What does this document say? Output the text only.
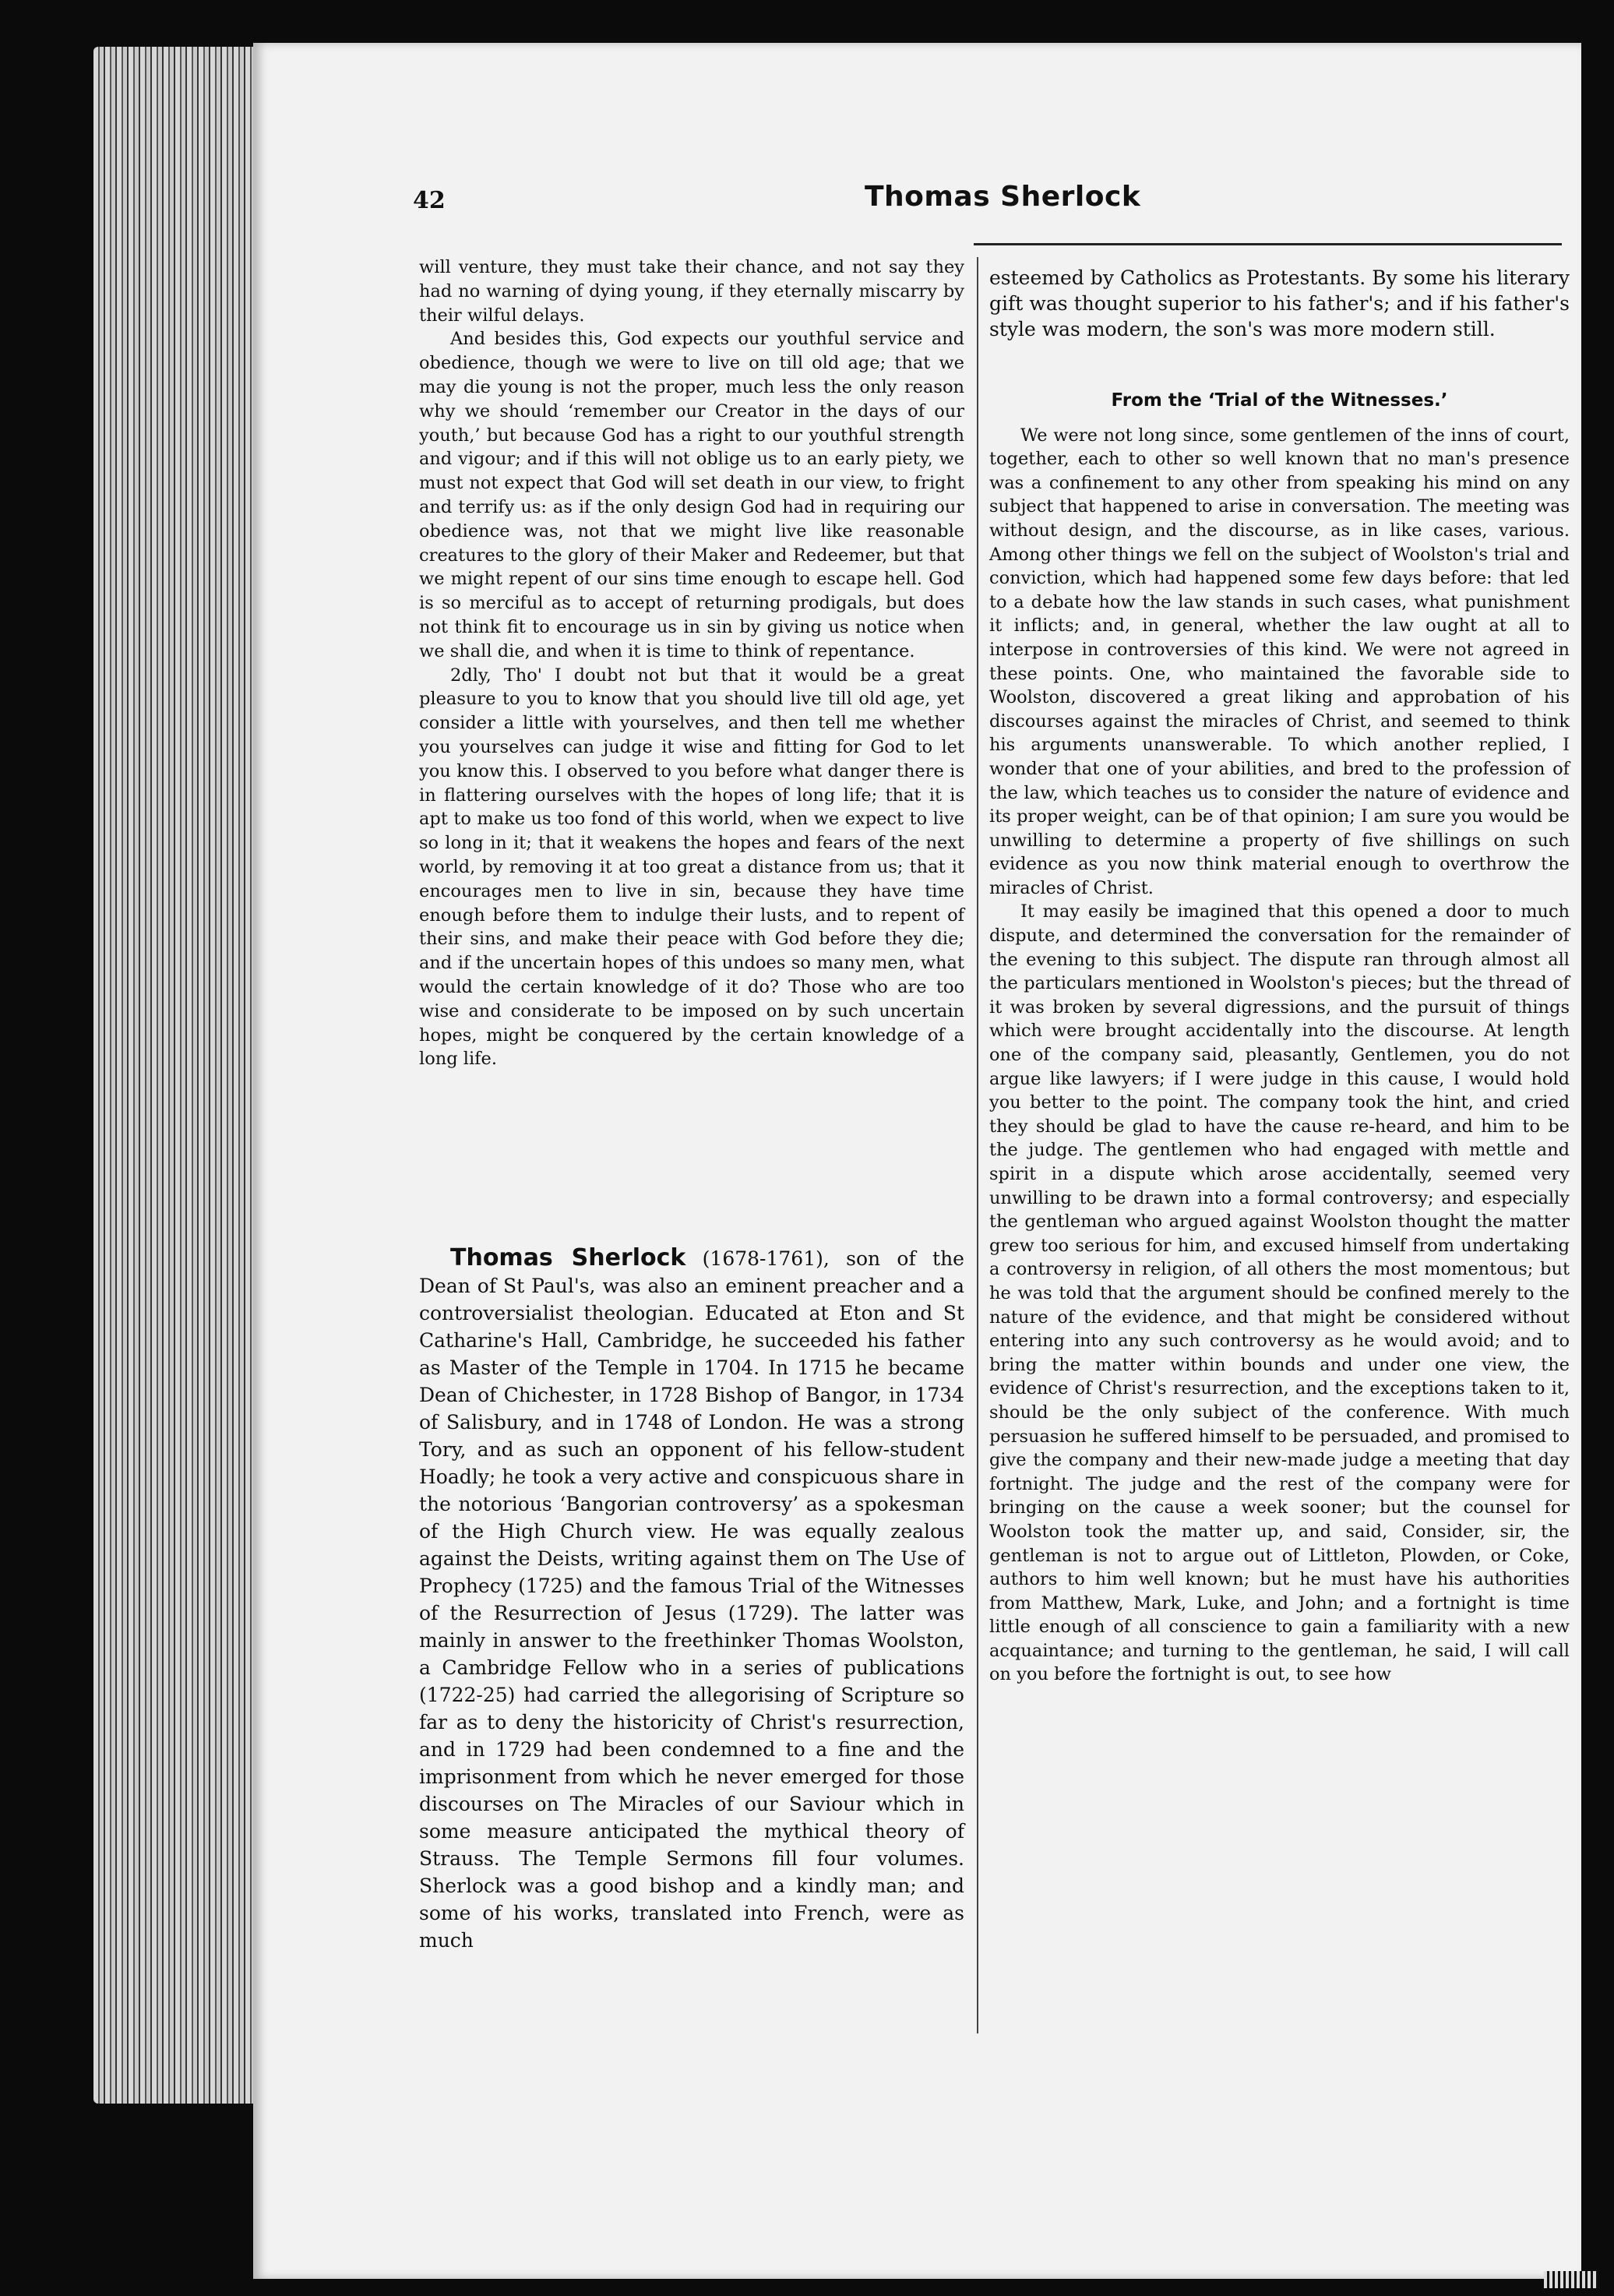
42	Thomas Sherlock

will venture, they must take their chance, and not say they had no warning of dying young, if they eternally miscarry by their wilful delays.

And besides this, God expects our youthful service and obedience, though we were to live on till old age; that we may die young is not the proper, much less the only reason why we should ‘remember our Creator in the days of our youth,’ but because God has a right to our youthful strength and vigour; and if this will not oblige us to an early piety, we must not expect that God will set death in our view, to fright and terrify us: as if the only design God had in requiring our obedience was, not that we might live like reasonable creatures to the glory of their Maker and Redeemer, but that we might repent of our sins time enough to escape hell. God is so merciful as to accept of returning prodigals, but does not think fit to encourage us in sin by giving us notice when we shall die, and when it is time to think of repentance.

2dly, Tho' I doubt not but that it would be a great pleasure to you to know that you should live till old age, yet consider a little with yourselves, and then tell me whether you yourselves can judge it wise and fitting for God to let you know this. I observed to you before what danger there is in flattering ourselves with the hopes of long life; that it is apt to make us too fond of this world, when we expect to live so long in it; that it weakens the hopes and fears of the next world, by removing it at too great a distance from us; that it encourages men to live in sin, because they have time enough before them to indulge their lusts, and to repent of their sins, and make their peace with God before they die; and if the uncertain hopes of this undoes so many men, what would the certain knowledge of it do? Those who are too wise and considerate to be imposed on by such uncertain hopes, might be conquered by the certain knowledge of a long life.

Thomas Sherlock (1678-1761), son of the Dean of St Paul's, was also an eminent preacher and a controversialist theologian. Educated at Eton and St Catharine's Hall, Cambridge, he succeeded his father as Master of the Temple in 1704. In 1715 he became Dean of Chichester, in 1728 Bishop of Bangor, in 1734 of Salisbury, and in 1748 of London. He was a strong Tory, and as such an opponent of his fellow-student Hoadly; he took a very active and conspicuous share in the notorious ‘Bangorian controversy’ as a spokesman of the High Church view. He was equally zealous against the Deists, writing against them on The Use of Prophecy (1725) and the famous Trial of the Witnesses of the Resurrection of Jesus (1729). The latter was mainly in answer to the freethinker Thomas Woolston, a Cambridge Fellow who in a series of publications (1722-25) had carried the allegorising of Scripture so far as to deny the historicity of Christ's resurrection, and in 1729 had been condemned to a fine and the imprisonment from which he never emerged for those discourses on The Miracles of our Saviour which in some measure anticipated the mythical theory of Strauss. The Temple Sermons fill four volumes. Sherlock was a good bishop and a kindly man; and some of his works, translated into French, were as much

esteemed by Catholics as Protestants. By some his literary gift was thought superior to his father's; and if his father's style was modern, the son's was more modern still.

From the ‘Trial of the Witnesses.’

We were not long since, some gentlemen of the inns of court, together, each to other so well known that no man's presence was a confinement to any other from speaking his mind on any subject that happened to arise in conversation. The meeting was without design, and the discourse, as in like cases, various. Among other things we fell on the subject of Woolston's trial and conviction, which had happened some few days before: that led to a debate how the law stands in such cases, what punishment it inflicts; and, in general, whether the law ought at all to interpose in controversies of this kind. We were not agreed in these points. One, who maintained the favorable side to Woolston, discovered a great liking and approbation of his discourses against the miracles of Christ, and seemed to think his arguments unanswerable. To which another replied, I wonder that one of your abilities, and bred to the profession of the law, which teaches us to consider the nature of evidence and its proper weight, can be of that opinion; I am sure you would be unwilling to determine a property of five shillings on such evidence as you now think material enough to overthrow the miracles of Christ.

It may easily be imagined that this opened a door to much dispute, and determined the conversation for the remainder of the evening to this subject. The dispute ran through almost all the particulars mentioned in Woolston's pieces; but the thread of it was broken by several digressions, and the pursuit of things which were brought accidentally into the discourse. At length one of the company said, pleasantly, Gentlemen, you do not argue like lawyers; if I were judge in this cause, I would hold you better to the point. The company took the hint, and cried they should be glad to have the cause re-heard, and him to be the judge. The gentlemen who had engaged with mettle and spirit in a dispute which arose accidentally, seemed very unwilling to be drawn into a formal controversy; and especially the gentleman who argued against Woolston thought the matter grew too serious for him, and excused himself from undertaking a controversy in religion, of all others the most momentous; but he was told that the argument should be confined merely to the nature of the evidence, and that might be considered without entering into any such controversy as he would avoid; and to bring the matter within bounds and under one view, the evidence of Christ's resurrection, and the exceptions taken to it, should be the only subject of the conference. With much persuasion he suffered himself to be persuaded, and promised to give the company and their new-made judge a meeting that day fortnight. The judge and the rest of the company were for bringing on the cause a week sooner; but the counsel for Woolston took the matter up, and said, Consider, sir, the gentleman is not to argue out of Littleton, Plowden, or Coke, authors to him well known; but he must have his authorities from Matthew, Mark, Luke, and John; and a fortnight is time little enough of all conscience to gain a familiarity with a new acquaintance; and turning to the gentleman, he said, I will call on you before the fortnight is out, to see how
